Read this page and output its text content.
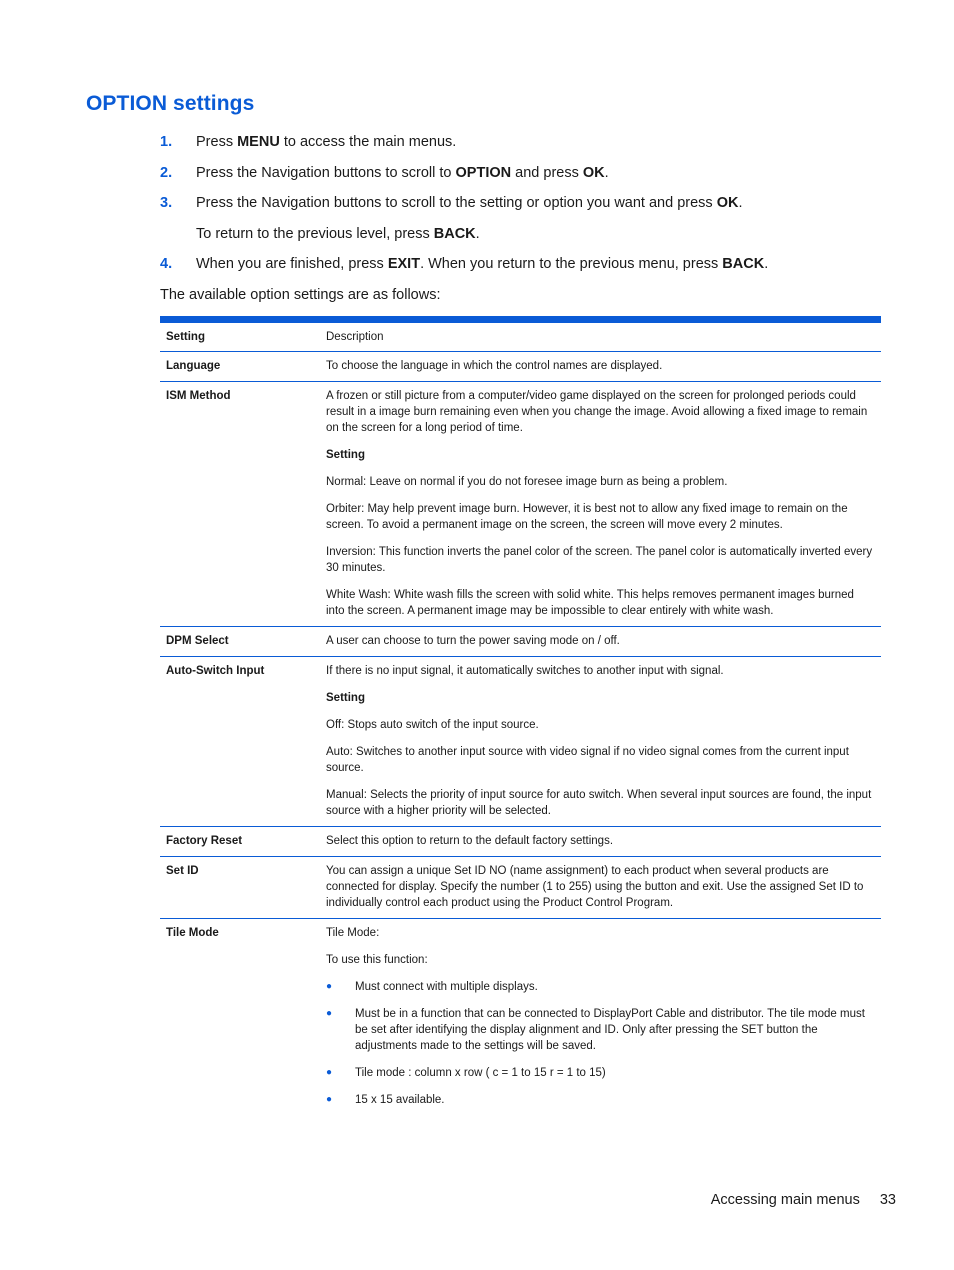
OPTION settings
1. Press MENU to access the main menus.
2. Press the Navigation buttons to scroll to OPTION and press OK.
3. Press the Navigation buttons to scroll to the setting or option you want and press OK.
To return to the previous level, press BACK.
4. When you are finished, press EXIT. When you return to the previous menu, press BACK.
The available option settings are as follows:
Setting	Description
Language	To choose the language in which the control names are displayed.
ISM Method	A frozen or still picture from a computer/video game displayed on the screen for prolonged periods could result in a image burn remaining even when you change the image. Avoid allowing a fixed image to remain on the screen for a long period of time.

Setting

Normal: Leave on normal if you do not foresee image burn as being a problem.

Orbiter: May help prevent image burn. However, it is best not to allow any fixed image to remain on the screen. To avoid a permanent image on the screen, the screen will move every 2 minutes.

Inversion: This function inverts the panel color of the screen. The panel color is automatically inverted every 30 minutes.

White Wash: White wash fills the screen with solid white. This helps removes permanent images burned into the screen. A permanent image may be impossible to clear entirely with white wash.

DPM Select	A user can choose to turn the power saving mode on / off.
Auto-Switch Input	If there is no input signal, it automatically switches to another input with signal.

Setting

Off: Stops auto switch of the input source.

Auto: Switches to another input source with video signal if no video signal comes from the current input source.

Manual: Selects the priority of input source for auto switch. When several input sources are found, the input source with a higher priority will be selected.

Factory Reset	Select this option to return to the default factory settings.
Set ID	You can assign a unique Set ID NO (name assignment) to each product when several products are connected for display. Specify the number (1 to 255) using the button and exit. Use the assigned Set ID to individually control each product using the Product Control Program.
Tile Mode	Tile Mode:

To use this function:

●	Must connect with multiple displays.
●	Must be in a function that can be connected to DisplayPort Cable and distributor. The tile mode must be set after identifying the display alignment and ID. Only after pressing the SET button the adjustments made to the settings will be saved.
●	Tile mode : column x row ( c = 1 to 15 r = 1 to 15)
●	15 x 15 available.
Accessing main menus 33
